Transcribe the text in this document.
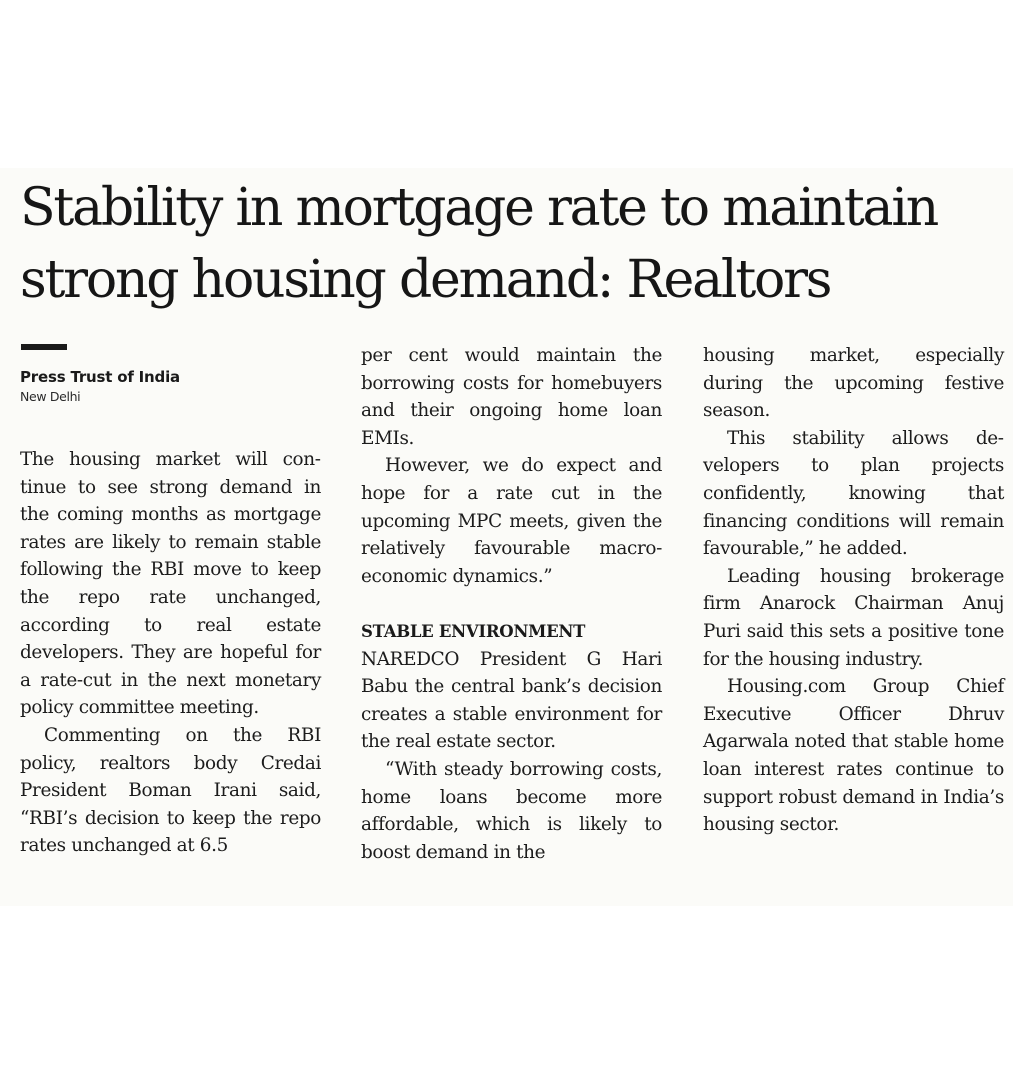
Stability in mortgage rate to maintain
strong housing demand: Realtors
Press Trust of India
New Delhi

The housing market will continue to see strong demand in the coming months as mortgage rates are likely to remain stable following the RBI move to keep the repo rate unchanged, according to real estate developers. They are hopeful for a rate-cut in the next monetary policy committee meeting.

Commenting on the RBI policy, realtors body Credai President Boman Irani said, “RBI’s decision to keep the repo rates unchanged at 6.5

per cent would maintain the borrowing costs for homebuyers and their ongoing home loan EMIs.

However, we do expect and hope for a rate cut in the upcoming MPC meets, given the relatively favourable macro-economic dynamics.”

STABLE ENVIRONMENT

NAREDCO President G Hari Babu the central bank’s decision creates a stable environment for the real estate sector.

“With steady borrowing costs, home loans become more affordable, which is likely to boost demand in the

housing market, especially during the upcoming festive season.

This stability allows developers to plan projects confidently, knowing that financing conditions will remain favourable,” he added.

Leading housing brokerage firm Anarock Chairman Anuj Puri said this sets a positive tone for the housing industry.

Housing.com Group Chief Executive Officer Dhruv Agarwala noted that stable home loan interest rates continue to support robust demand in India’s housing sector.
